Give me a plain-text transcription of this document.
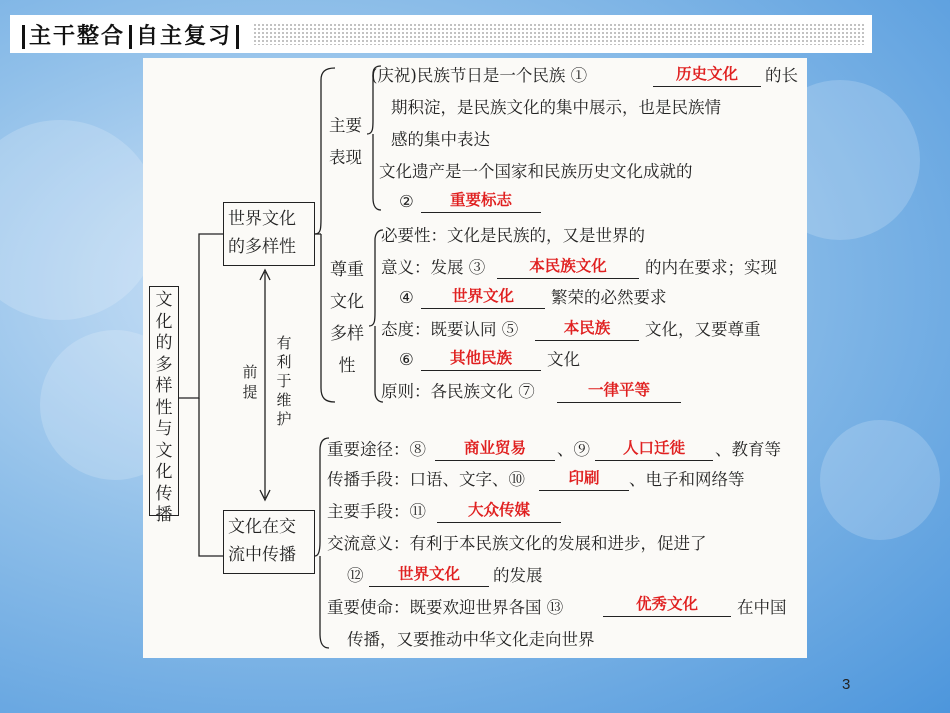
主干整合 自主复习
文化的多样性与文化传播
世界文化
的多样性
文化在交
流中传播
前提
有利于维护
主要
表现
尊重文化多样性
(庆祝)民族节日是一个民族 ①	历史文化	的长
期积淀，是民族文化的集中展示，也是民族情
感的集中表达
文化遗产是一个国家和民族历史文化成就的
②	重要标志
必要性：文化是民族的，又是世界的
意义：发展 ③	本民族文化	的内在要求；实现
④	世界文化	繁荣的必然要求
态度：既要认同 ⑤	本民族	文化，又要尊重
⑥	其他民族	文化
原则：各民族文化 ⑦	一律平等
重要途径：⑧	商业贸易	、⑨	人口迁徙	、教育等
传播手段：口语、文字、⑩	印刷	、电子和网络等
主要手段：⑪	大众传媒
交流意义：有利于本民族文化的发展和进步，促进了
⑫	世界文化	的发展
重要使命：既要欢迎世界各国 ⑬	优秀文化	在中国
传播，又要推动中华文化走向世界
3
